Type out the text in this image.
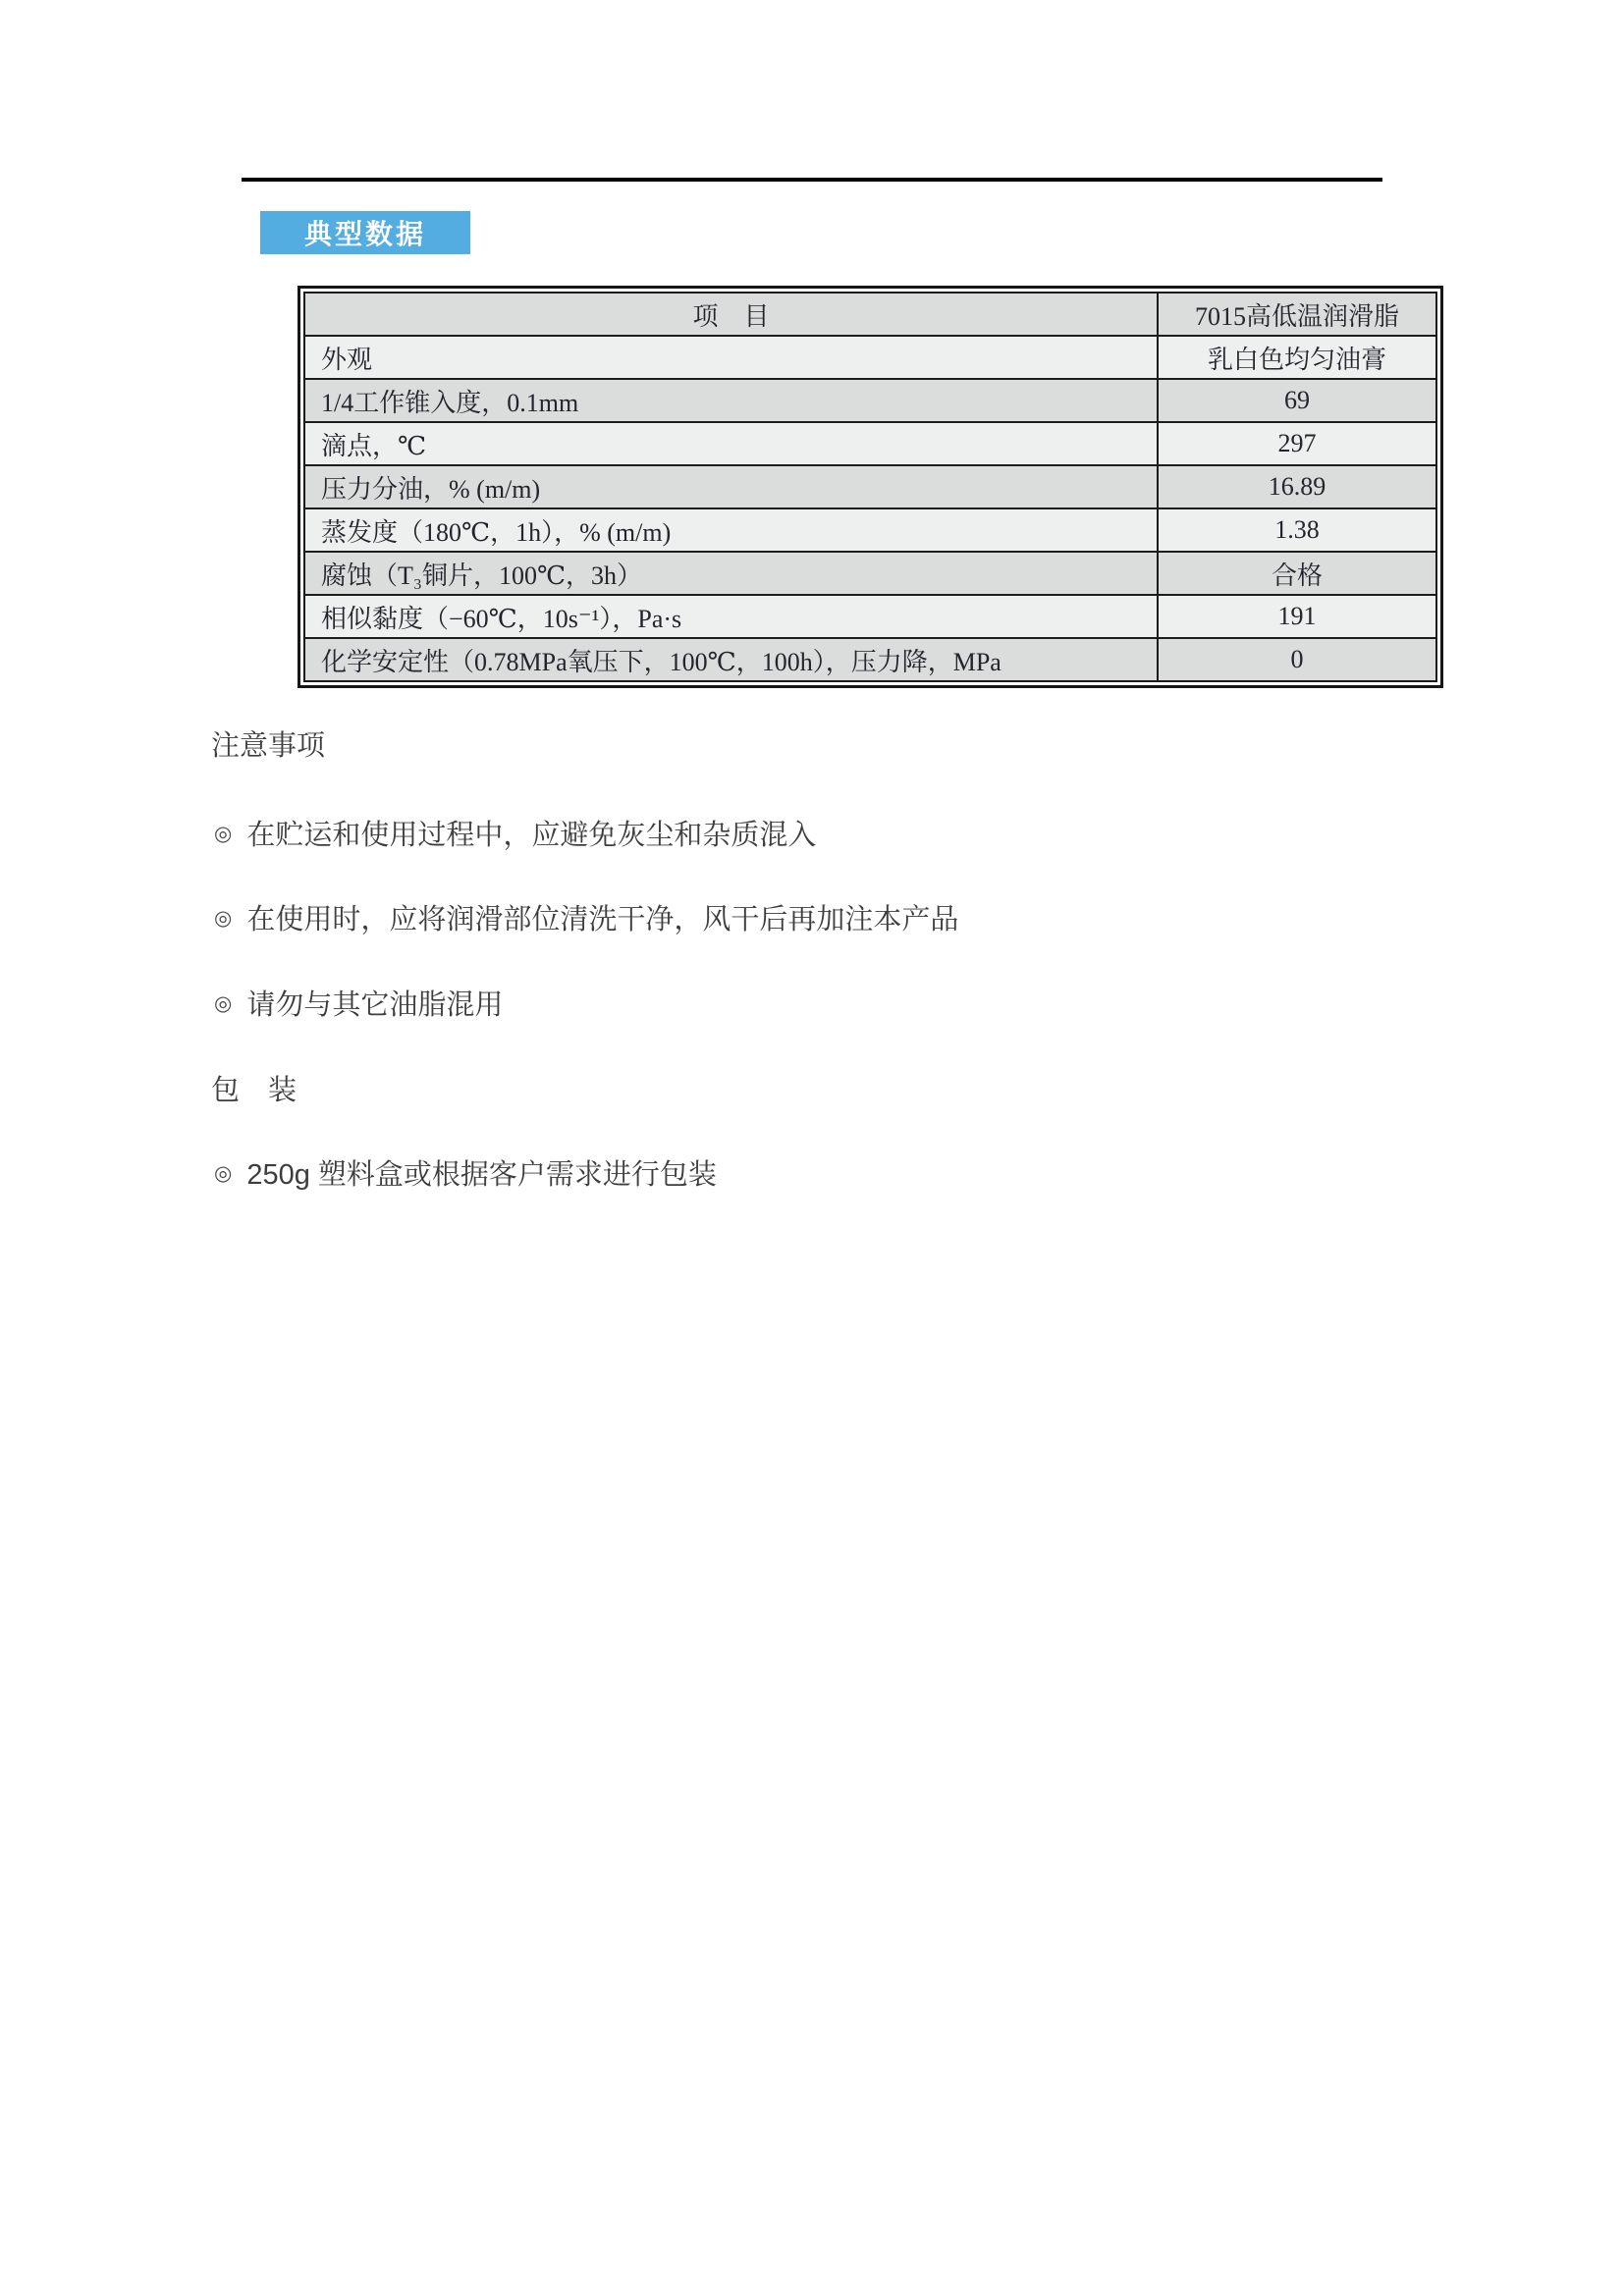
典型数据
项　目	7015高低温润滑脂
外观	乳白色均匀油膏
1/4工作锥入度，0.1mm	69
滴点，℃	297
压力分油，% (m/m)	16.89
蒸发度（180℃，1h），% (m/m)	1.38
腐蚀（T₃铜片，100℃，3h）	合格
相似黏度（−60℃，10s⁻¹），Pa·s	191
化学安定性（0.78MPa氧压下，100℃，100h），压力降，MPa	0
注意事项
◎ 在贮运和使用过程中，应避免灰尘和杂质混入
◎ 在使用时，应将润滑部位清洗干净，风干后再加注本产品
◎ 请勿与其它油脂混用
包　装
◎ 250g 塑料盒或根据客户需求进行包装
